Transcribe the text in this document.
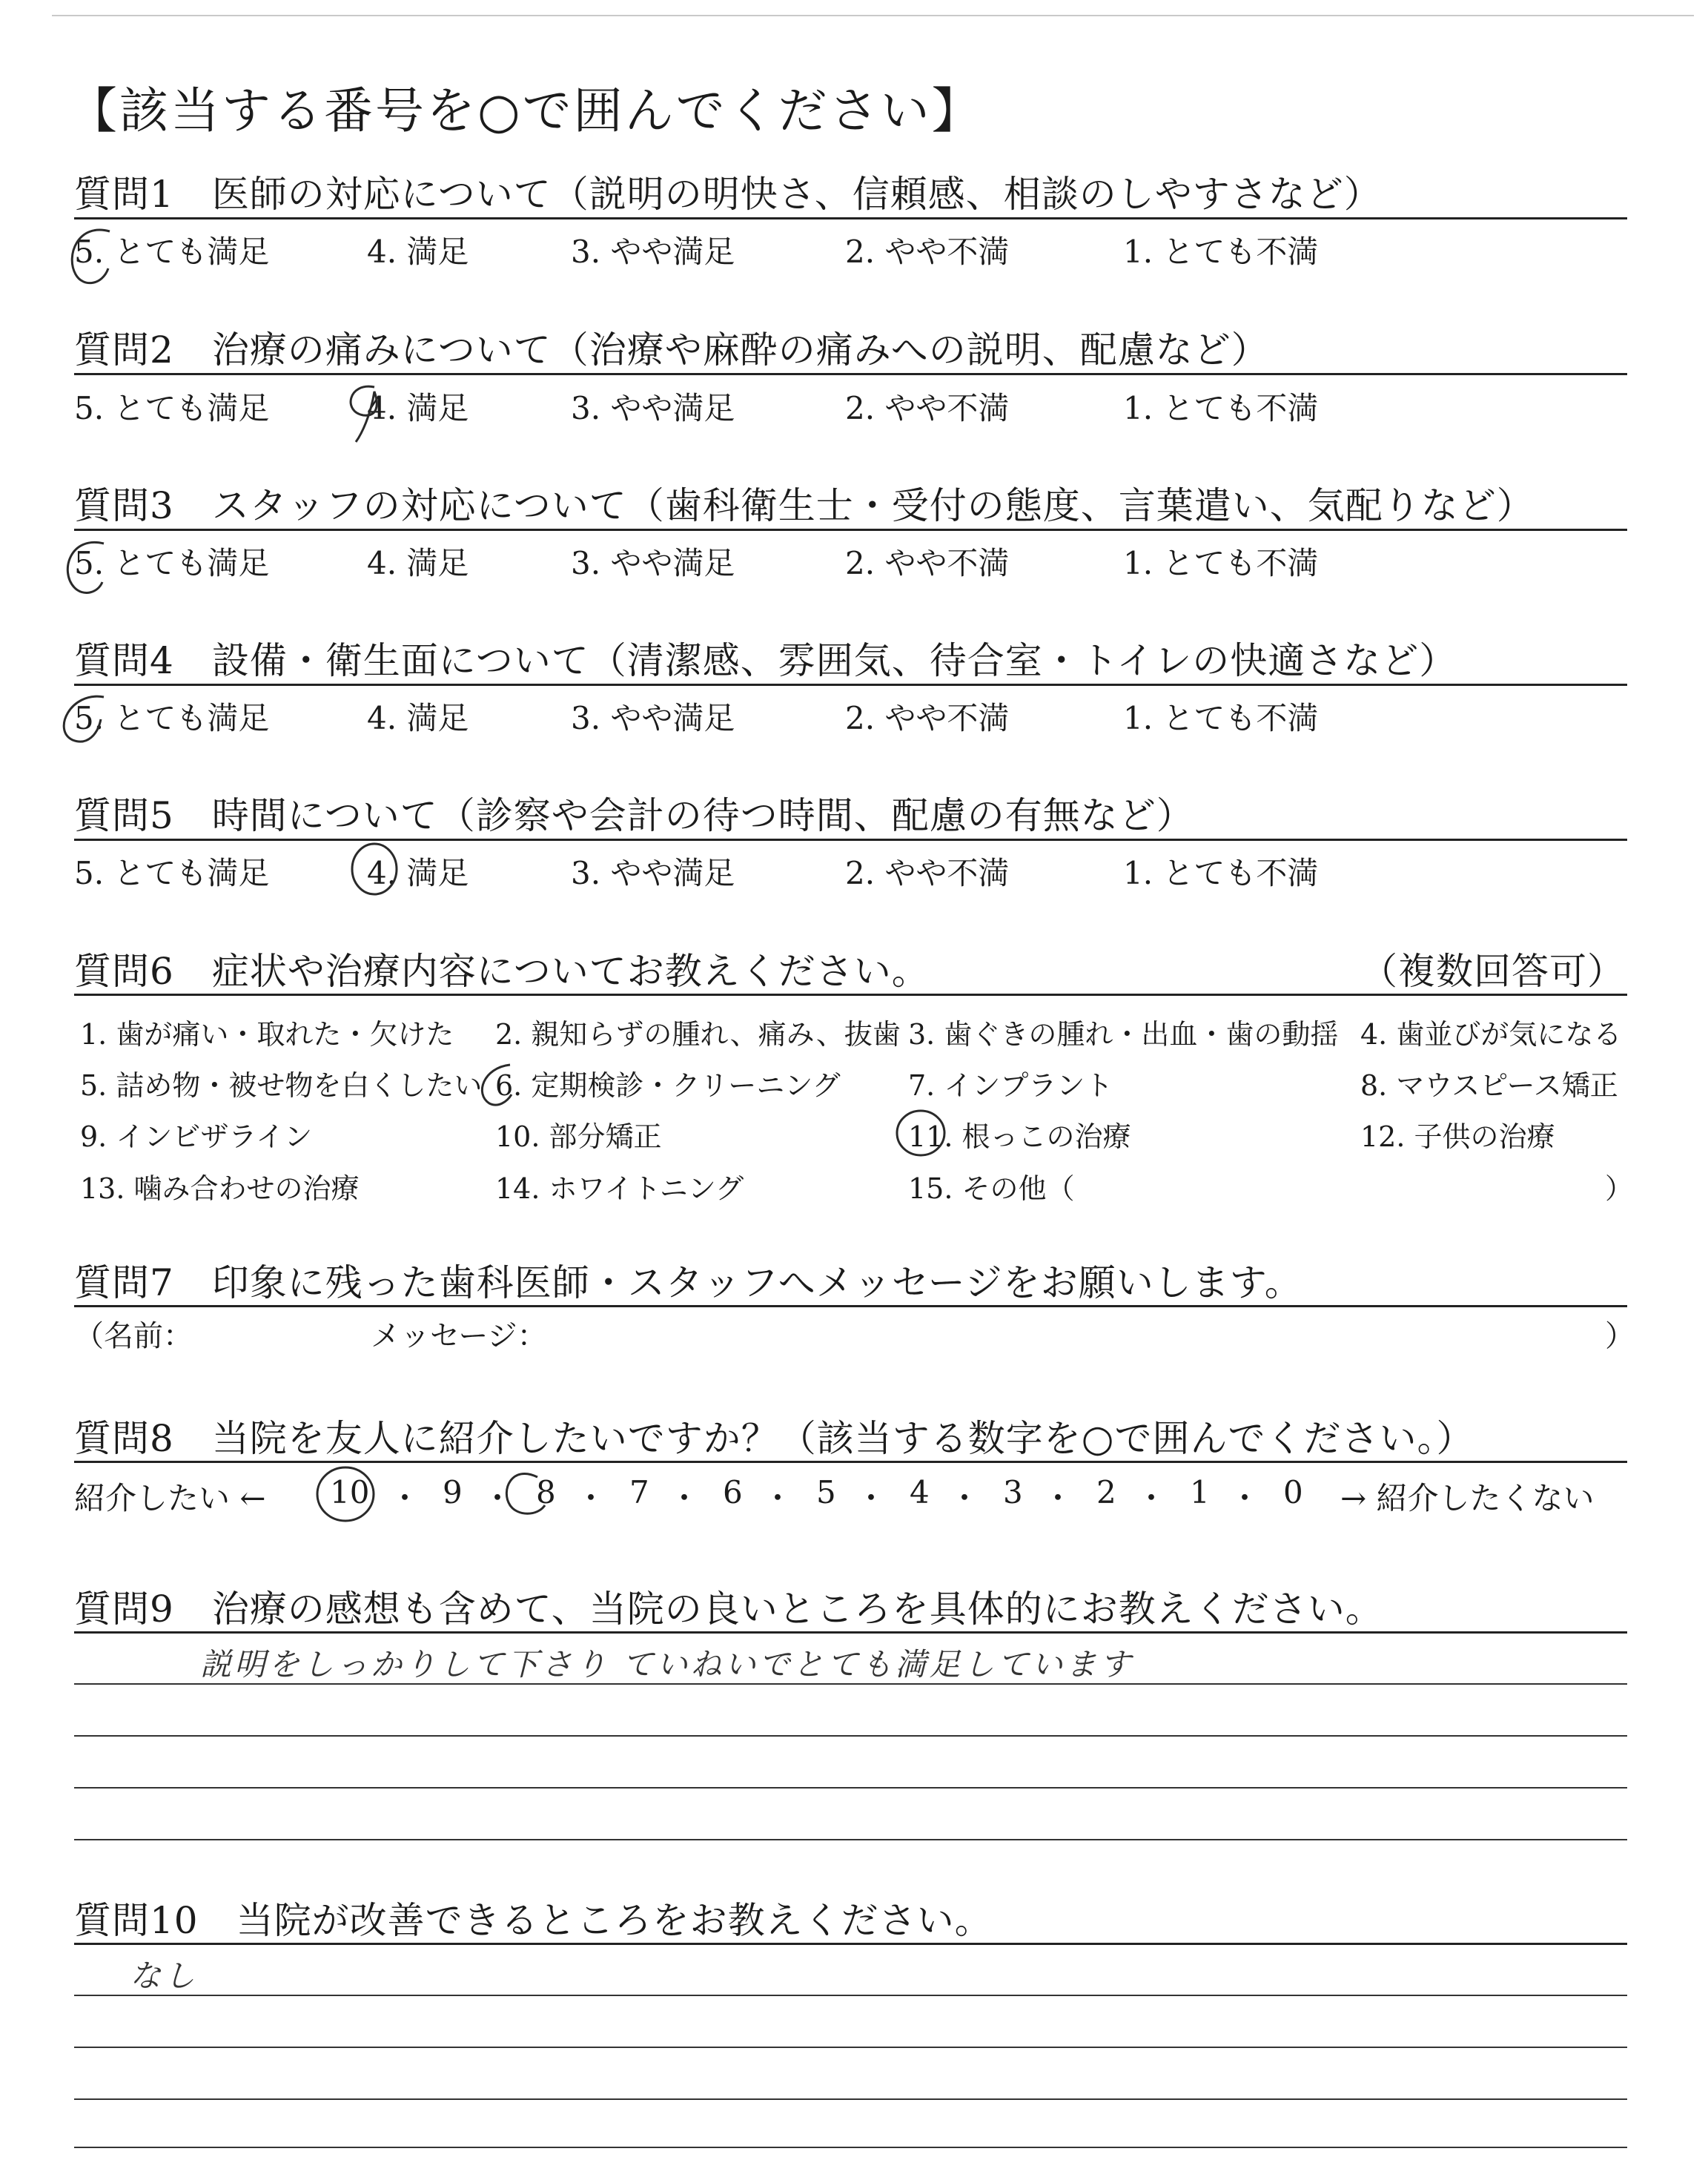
【該当する番号を○で囲んでください】
質問1　 医師の対応について（説明の明快さ、信頼感、相談のしやすさなど）
5. とても満足	4. 満足	3. やや満足	2. やや不満	1. とても不満
質問2　 治療の痛みについて（治療や麻酔の痛みへの説明、配慮など）
5. とても満足	4. 満足	3. やや満足	2. やや不満	1. とても不満
質問3　 スタッフの対応について（歯科衛生士・受付の態度、言葉遣い、気配りなど）
5. とても満足	4. 満足	3. やや満足	2. やや不満	1. とても不満
質問4　 設備・衛生面について（清潔感、雰囲気、待合室・トイレの快適さなど）
5. とても満足	4. 満足	3. やや満足	2. やや不満	1. とても不満
質問5　 時間について（診察や会計の待つ時間、配慮の有無など）
5. とても満足	4. 満足	3. やや満足	2. やや不満	1. とても不満
質問6　 症状や治療内容についてお教えください。	（複数回答可）
1. 歯が痛い・取れた・欠けた 2. 親知らずの腫れ、痛み、抜歯 3. 歯ぐきの腫れ・出血・歯の動揺 4. 歯並びが気になる
5. 詰め物・被せ物を白くしたい 6. 定期検診・クリーニング 7. インプラント	8. マウスピース矯正
9. インビザライン	10. 部分矯正	11. 根っこの治療	12. 子供の治療
13. 噛み合わせの治療	14. ホワイトニング	15. その他（	）
質問7　 印象に残った歯科医師・スタッフへメッセージをお願いします。
（名前：	メッセージ：	）
質問8　 当院を友人に紹介したいですか？（該当する数字を○で囲んでください。）
紹介したい ← 10 ・ 9 ・ 8 ・ 7 ・ 6 ・ 5 ・ 4 ・ 3 ・ 2 ・ 1 ・ 0 → 紹介したくない
質問9　 治療の感想も含めて、当院の良いところを具体的にお教えください。
説明をしっかりして下さり ていねいでとても満足しています
質問10　 当院が改善できるところをお教えください。
なし
